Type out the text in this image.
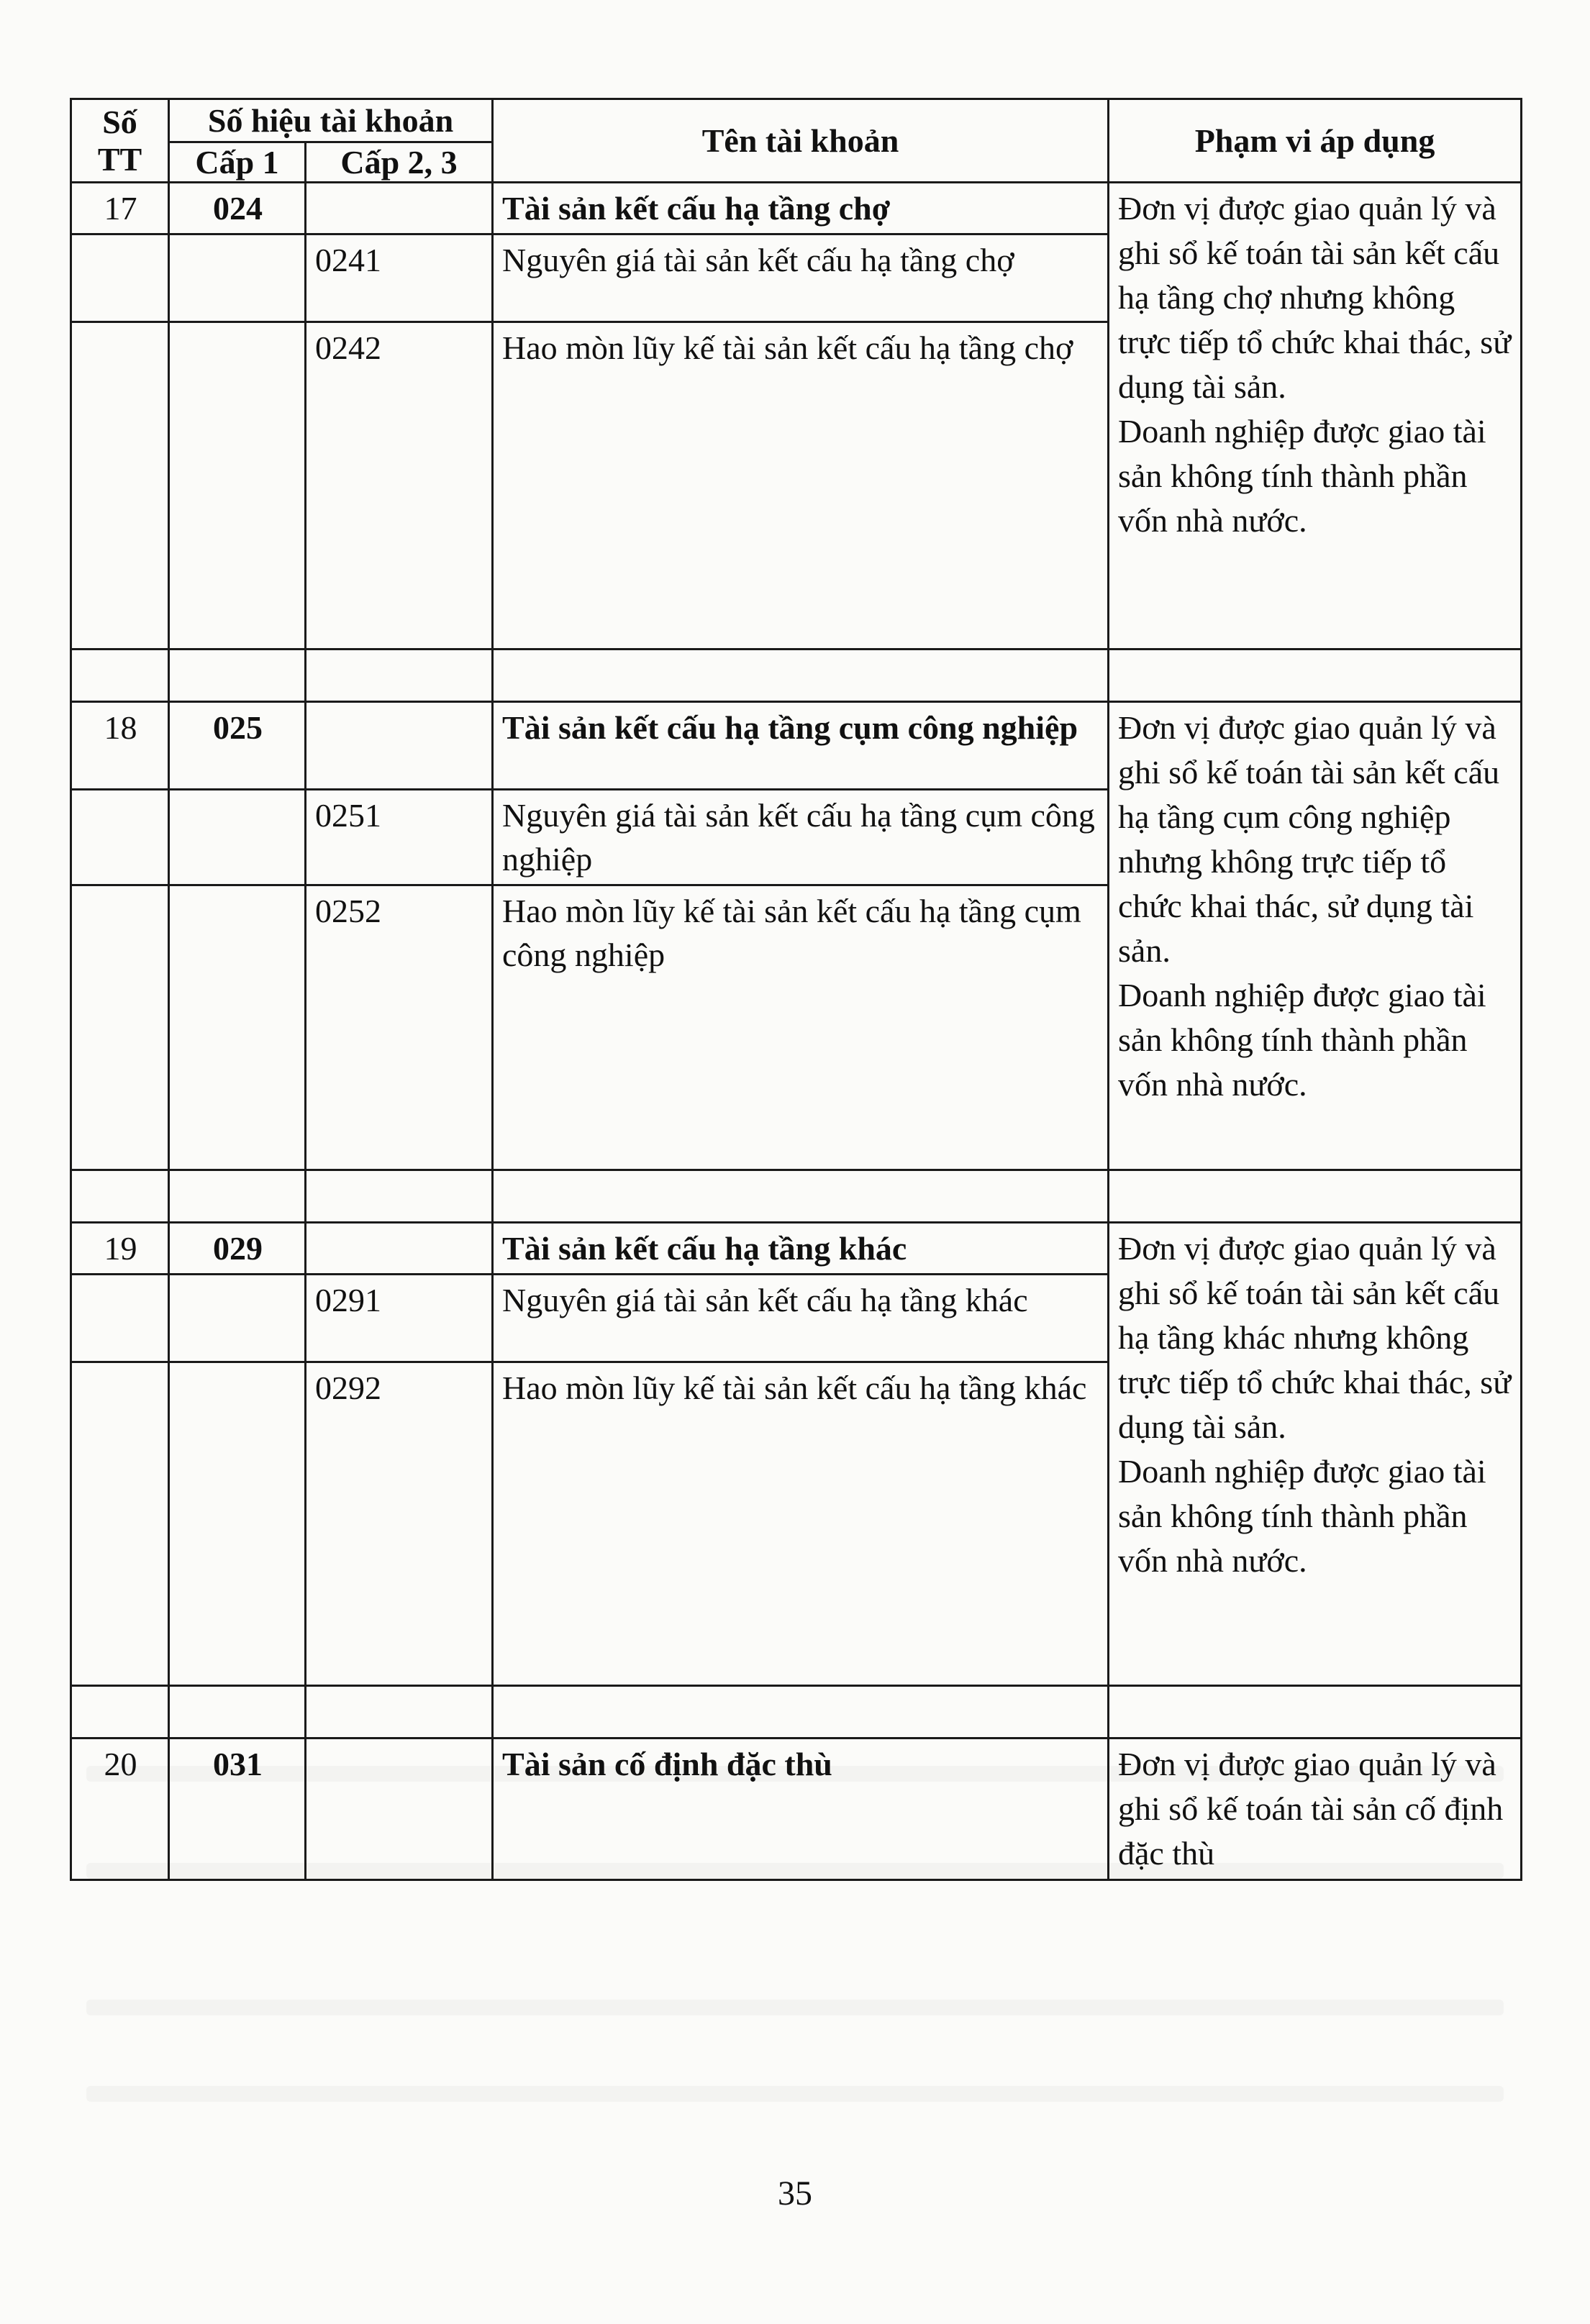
Số
TT	Số hiệu tài khoản		Tên tài khoản	Phạm vi áp dụng
	Cấp 1	Cấp 2, 3		
17	024		Tài sản kết cấu hạ tầng chợ	Đơn vị được giao quản lý và ghi sổ kế toán tài sản kết cấu hạ tầng chợ nhưng không trực tiếp tổ chức khai thác, sử dụng tài sản.
Doanh nghiệp được giao tài sản không tính thành phần vốn nhà nước.

		0241	Nguyên giá tài sản kết cấu hạ tầng chợ	
		0242	Hao mòn lũy kế tài sản kết cấu hạ tầng chợ	

18	025		Tài sản kết cấu hạ tầng cụm công nghiệp	Đơn vị được giao quản lý và ghi sổ kế toán tài sản kết cấu hạ tầng cụm công nghiệp nhưng không trực tiếp tổ chức khai thác, sử dụng tài sản.
Doanh nghiệp được giao tài sản không tính thành phần vốn nhà nước.

		0251	Nguyên giá tài sản kết cấu hạ tầng cụm công nghiệp	
		0252	Hao mòn lũy kế tài sản kết cấu hạ tầng cụm công nghiệp	

19	029		Tài sản kết cấu hạ tầng khác	Đơn vị được giao quản lý và ghi sổ kế toán tài sản kết cấu hạ tầng khác nhưng không trực tiếp tổ chức khai thác, sử dụng tài sản.
Doanh nghiệp được giao tài sản không tính thành phần vốn nhà nước.

		0291	Nguyên giá tài sản kết cấu hạ tầng khác	
		0292	Hao mòn lũy kế tài sản kết cấu hạ tầng khác	

20	031		Tài sản cố định đặc thù	Đơn vị được giao quản lý và ghi sổ kế toán tài sản cố định đặc thù
35
